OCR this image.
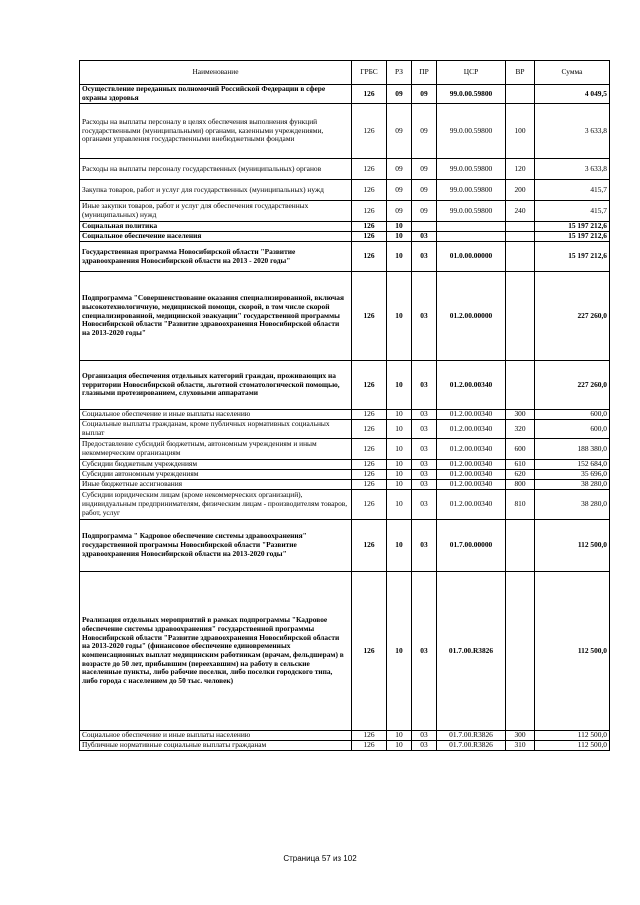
Наименование	ГРБС	РЗ	ПР	ЦСР	ВР	Сумма
Осуществление переданных полномочий Российской Федерации в сфере охраны здоровья	126	09	09	99.0.00.59800		4 049,5
Расходы на выплаты персоналу в целях обеспечения выполнения функций государственными (муниципальными) органами, казенными учреждениями, органами управления государственными внебюджетными фондами	126	09	09	99.0.00.59800	100	3 633,8
Расходы на выплаты персоналу государственных (муниципальных) органов	126	09	09	99.0.00.59800	120	3 633,8
Закупка товаров, работ и услуг для государственных (муниципальных) нужд	126	09	09	99.0.00.59800	200	415,7
Иные закупки товаров, работ и услуг для обеспечения государственных (муниципальных) нужд	126	09	09	99.0.00.59800	240	415,7
Социальная политика	126	10				15 197 212,6
Социальное обеспечение населения	126	10	03			15 197 212,6
Государственная программа Новосибирской области "Развитие здравоохранения Новосибирской области на 2013 - 2020 годы"	126	10	03	01.0.00.00000		15 197 212,6
Подпрограмма "Совершенствование оказания специализированной, включая высокотехнологичную, медицинской помощи, скорой, в том числе скорой специализированной, медицинской эвакуации" государственной программы Новосибирской области "Развитие здравоохранения Новосибирской области на 2013-2020 годы"	126	10	03	01.2.00.00000		227 260,0
Организация обеспечения отдельных категорий граждан, проживающих на территории Новосибирской области, льготной стоматологической помощью, глазными протезированием, слуховыми аппаратами	126	10	03	01.2.00.00340		227 260,0
Социальное обеспечение и иные выплаты населению	126	10	03	01.2.00.00340	300	600,0
Социальные выплаты гражданам, кроме публичных нормативных социальных выплат	126	10	03	01.2.00.00340	320	600,0
Предоставление субсидий бюджетным, автономным учреждениям и иным некоммерческим организациям	126	10	03	01.2.00.00340	600	188 380,0
Субсидии бюджетным учреждениям	126	10	03	01.2.00.00340	610	152 684,0
Субсидии автономным учреждениям	126	10	03	01.2.00.00340	620	35 696,0
Иные бюджетные ассигнования	126	10	03	01.2.00.00340	800	38 280,0
Субсидии юридическим лицам (кроме некоммерческих организаций), индивидуальным предпринимателям, физическим лицам - производителям товаров, работ, услуг	126	10	03	01.2.00.00340	810	38 280,0
Подпрограмма " Кадровое обеспечение системы здравоохранения" государственной программы Новосибирской области "Развитие здравоохранения Новосибирской области на 2013-2020 годы"	126	10	03	01.7.00.00000		112 500,0
Реализация отдельных мероприятий в рамках подпрограммы "Кадровое обеспечение системы здравоохранения" государственной программы Новосибирской области "Развитие здравоохранения Новосибирской области на 2013-2020 годы" (финансовое обеспечение единовременных компенсационных выплат медицинским работникам (врачам, фельдшерам) в возрасте до 50 лет, прибывшим (переехавшим) на работу в сельские населенные пункты, либо рабочие поселки, либо поселки городского типа, либо города с населением до 50 тыс. человек)	126	10	03	01.7.00.R3826		112 500,0
Социальное обеспечение и иные выплаты населению	126	10	03	01.7.00.R3826	300	112 500,0
Публичные нормативные социальные выплаты гражданам	126	10	03	01.7.00.R3826	310	112 500,0
Страница 57 из 102
